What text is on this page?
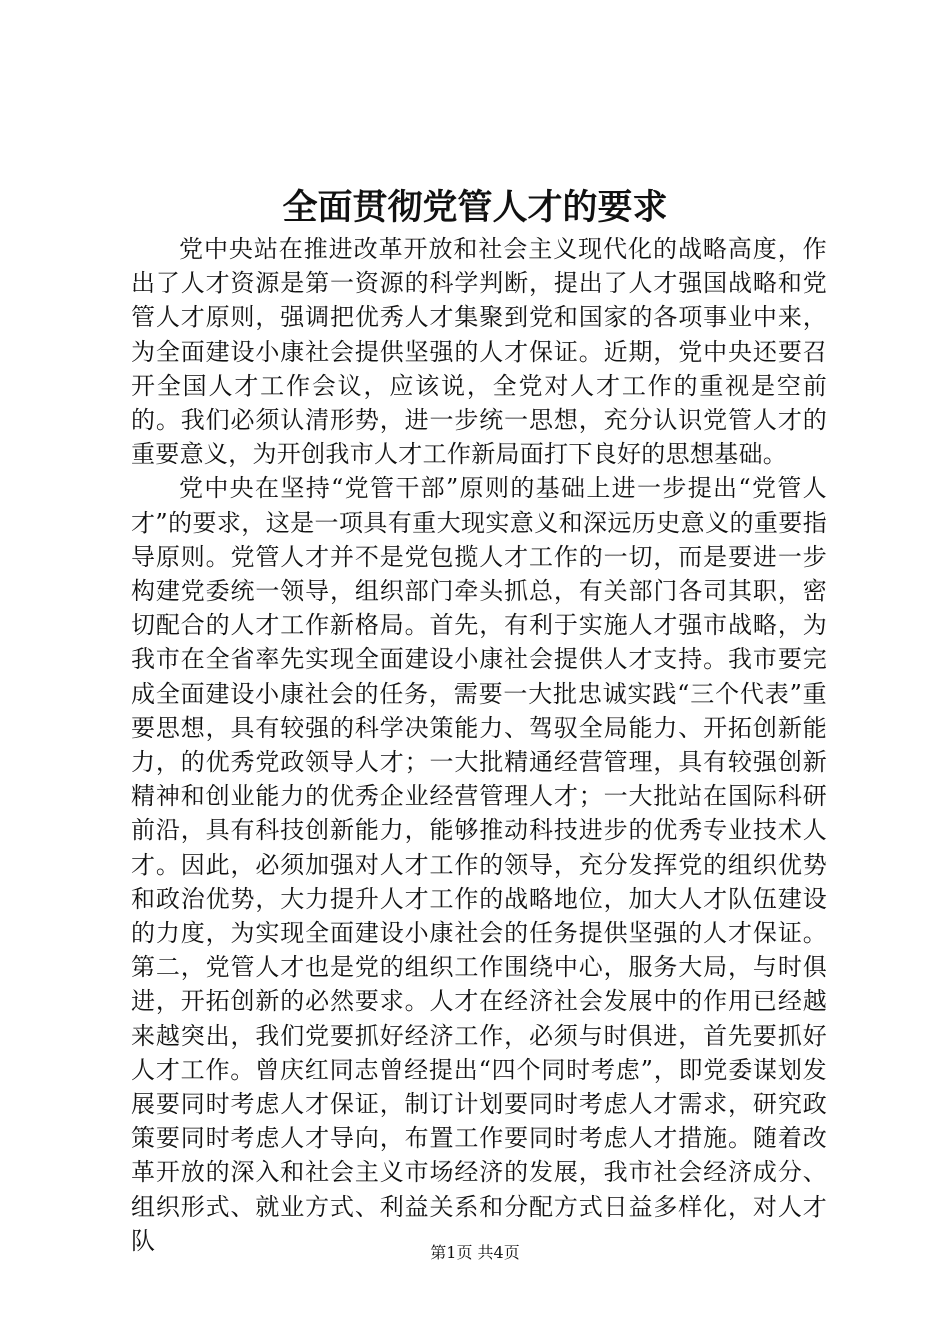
全面贯彻党管人才的要求

党中央站在推进改革开放和社会主义现代化的战略高度，作出了人才资源是第一资源的科学判断，提出了人才强国战略和党管人才原则，强调把优秀人才集聚到党和国家的各项事业中来，为全面建设小康社会提供坚强的人才保证。近期，党中央还要召开全国人才工作会议，应该说，全党对人才工作的重视是空前的。我们必须认清形势，进一步统一思想，充分认识党管人才的重要意义，为开创我市人才工作新局面打下良好的思想基础。

党中央在坚持“党管干部”原则的基础上进一步提出“党管人才”的要求，这是一项具有重大现实意义和深远历史意义的重要指导原则。党管人才并不是党包揽人才工作的一切，而是要进一步构建党委统一领导，组织部门牵头抓总，有关部门各司其职，密切配合的人才工作新格局。首先，有利于实施人才强市战略，为我市在全省率先实现全面建设小康社会提供人才支持。我市要完成全面建设小康社会的任务，需要一大批忠诚实践“三个代表”重要思想，具有较强的科学决策能力、驾驭全局能力、开拓创新能力，的优秀党政领导人才；一大批精通经营管理，具有较强创新精神和创业能力的优秀企业经营管理人才；一大批站在国际科研前沿，具有科技创新能力，能够推动科技进步的优秀专业技术人才。因此，必须加强对人才工作的领导，充分发挥党的组织优势和政治优势，大力提升人才工作的战略地位，加大人才队伍建设的力度，为实现全面建设小康社会的任务提供坚强的人才保证。第二，党管人才也是党的组织工作围绕中心，服务大局，与时俱进，开拓创新的必然要求。人才在经济社会发展中的作用已经越来越突出，我们党要抓好经济工作，必须与时俱进，首先要抓好人才工作。曾庆红同志曾经提出“四个同时考虑”，即党委谋划发展要同时考虑人才保证，制订计划要同时考虑人才需求，研究政策要同时考虑人才导向，布置工作要同时考虑人才措施。随着改革开放的深入和社会主义市场经济的发展，我市社会经济成分、组织形式、就业方式、利益关系和分配方式日益多样化，对人才队	第1页 共4页
